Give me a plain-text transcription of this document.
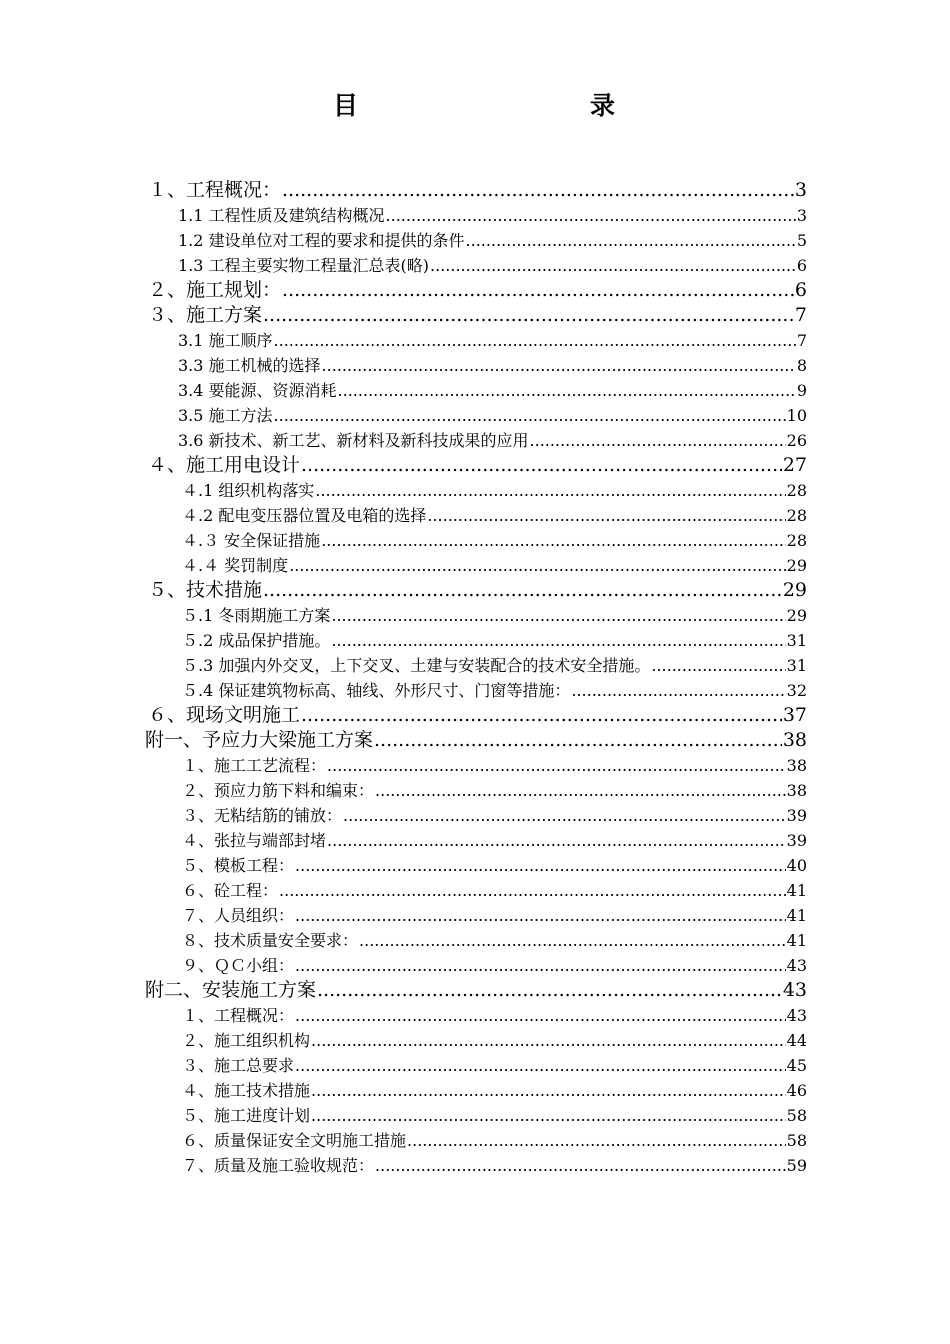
目	录
１、工程概况： .....	3
1.1 工程性质及建筑结构概况 .....	3
1.2 建设单位对工程的要求和提供的条件 .....	5
1.3 工程主要实物工程量汇总表(略) .....	6
２、施工规划： .....	6
３、施工方案 .....	7
3.1 施工顺序 .....	7
3.3 施工机械的选择 .....	8
3.4 要能源、资源消耗 .....	9
3.5 施工方法 .....	10
3.6 新技术、新工艺、新材料及新科技成果的应用 .....	26
４、施工用电设计 .....	27
４.1 组织机构落实 .....	28
４.2 配电变压器位置及电箱的选择 .....	28
４.３ 安全保证措施 .....	28
４.４ 奖罚制度 .....	29
５、技术措施 .....	29
５.1 冬雨期施工方案 .....	29
５.2 成品保护措施。 .....	31
５.3 加强内外交叉，上下交叉、土建与安装配合的技术安全措施。 .....	31
５.4 保证建筑物标高、轴线、外形尺寸、门窗等措施： .....	32
６、现场文明施工 .....	37
附一、予应力大梁施工方案 .....	38
１、施工工艺流程： .....	38
２、预应力筋下料和编束： .....	38
３、无粘结筋的铺放： .....	39
４、张拉与端部封堵 .....	39
５、模板工程： .....	40
６、砼工程： .....	41
７、人员组织： .....	41
８、技术质量安全要求： .....	41
９、ＱＣ小组： .....	43
附二、安装施工方案 .....	43
１、工程概况： .....	43
２、施工组织机构 .....	44
３、施工总要求 .....	45
４、施工技术措施 .....	46
５、施工进度计划 .....	58
６、质量保证安全文明施工措施 .....	58
７、质量及施工验收规范： .....	59
